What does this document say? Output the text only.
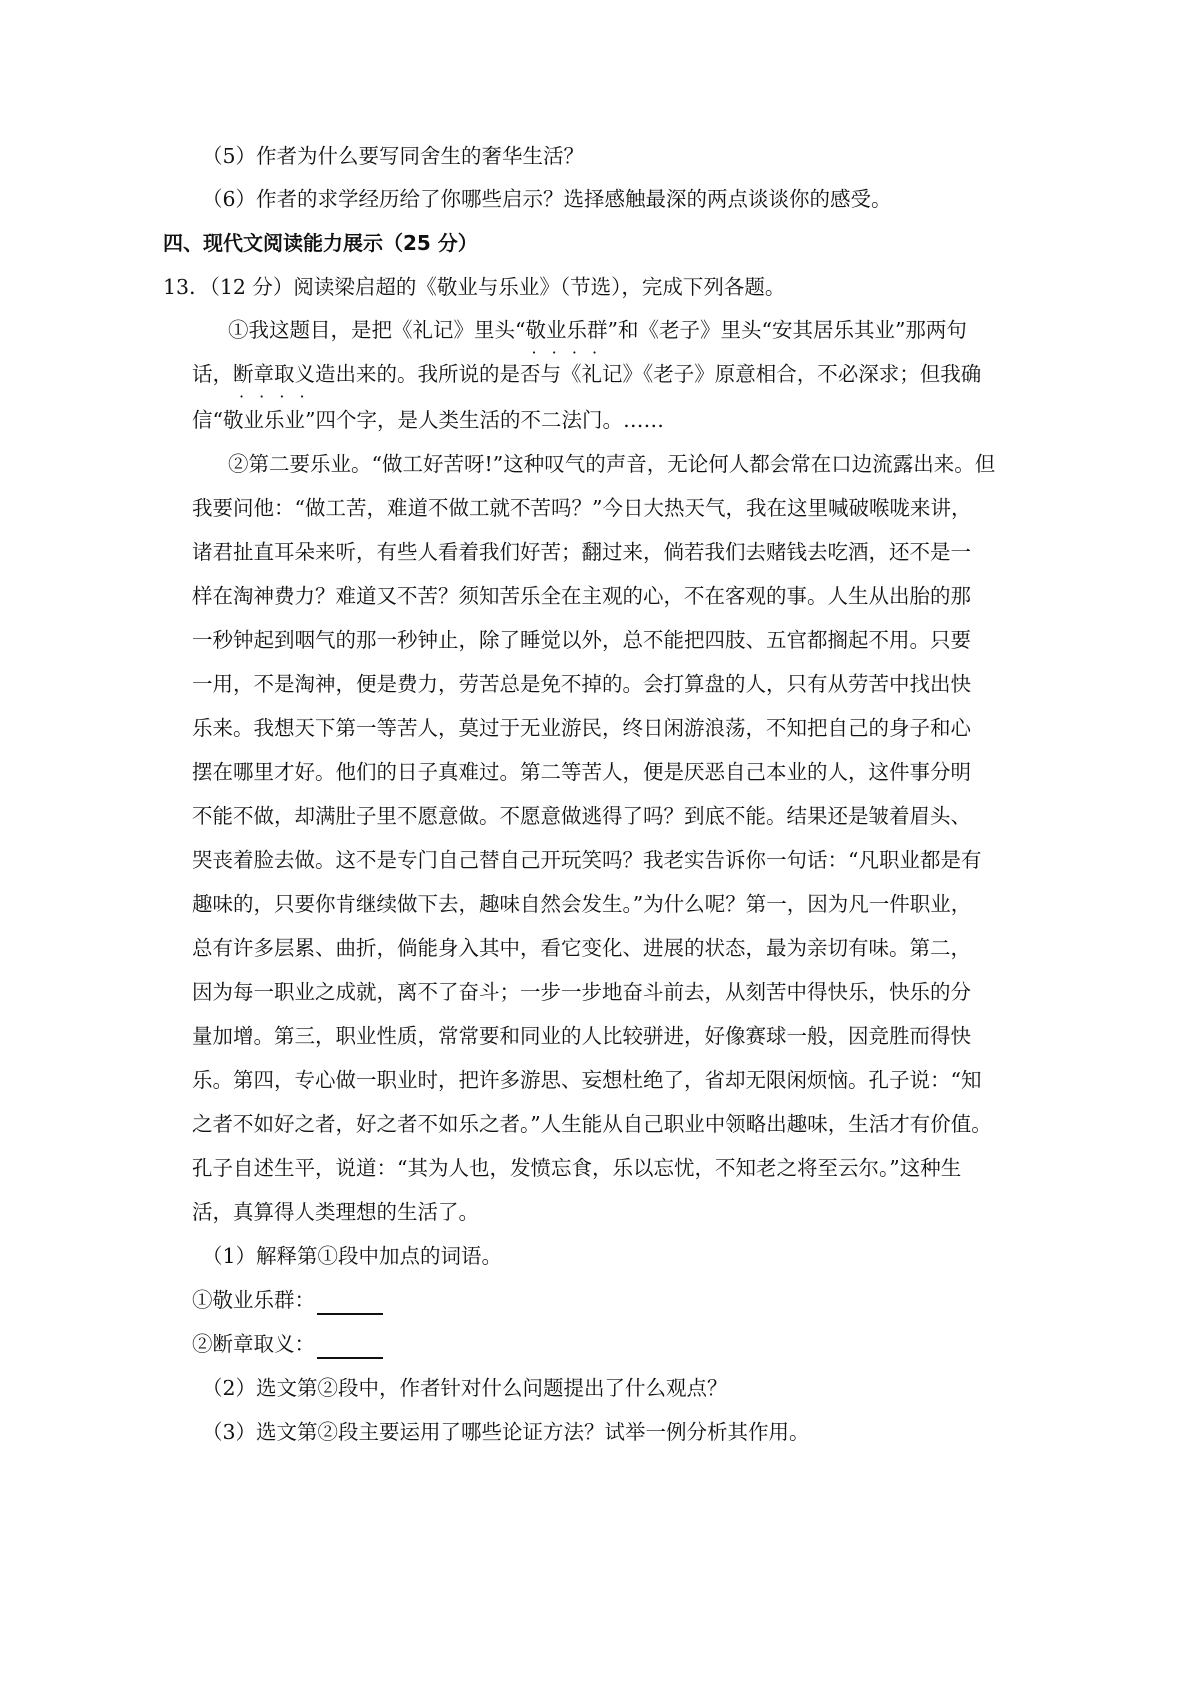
（5）作者为什么要写同舍生的奢华生活？
（6）作者的求学经历给了你哪些启示？选择感触最深的两点谈谈你的感受。
四、现代文阅读能力展示（25 分）
13．（12 分）阅读梁启超的《敬业与乐业》（节选），完成下列各题。
①我这题目，是把《礼记》里头“敬业乐群 · · · ·”和《老子》里头“安其居乐其业”那两句
话，断章取义 · · · ·造出来的。我所说的是否与《礼记》《老子》原意相合，不必深求；但我确
信“敬业乐业”四个字，是人类生活的不二法门。……
②第二要乐业。“做工好苦呀!”这种叹气的声音，无论何人都会常在口边流露出来。但
我要问他：“做工苦，难道不做工就不苦吗？”今日大热天气，我在这里喊破喉咙来讲，
诸君扯直耳朵来听，有些人看着我们好苦；翻过来，倘若我们去赌钱去吃酒，还不是一
样在淘神费力？难道又不苦？须知苦乐全在主观的心，不在客观的事。人生从出胎的那
一秒钟起到咽气的那一秒钟止，除了睡觉以外，总不能把四肢、五官都搁起不用。只要
一用，不是淘神，便是费力，劳苦总是免不掉的。会打算盘的人，只有从劳苦中找出快
乐来。我想天下第一等苦人，莫过于无业游民，终日闲游浪荡，不知把自己的身子和心
摆在哪里才好。他们的日子真难过。第二等苦人，便是厌恶自己本业的人，这件事分明
不能不做，却满肚子里不愿意做。不愿意做逃得了吗？到底不能。结果还是皱着眉头、
哭丧着脸去做。这不是专门自己替自己开玩笑吗？我老实告诉你一句话：“凡职业都是有
趣味的，只要你肯继续做下去，趣味自然会发生。”为什么呢？第一，因为凡一件职业，
总有许多层累、曲折，倘能身入其中，看它变化、进展的状态，最为亲切有味。第二，
因为每一职业之成就，离不了奋斗；一步一步地奋斗前去，从刻苦中得快乐，快乐的分
量加增。第三，职业性质，常常要和同业的人比较骈进，好像赛球一般，因竞胜而得快
乐。第四，专心做一职业时，把许多游思、妄想杜绝了，省却无限闲烦恼。孔子说：“知
之者不如好之者，好之者不如乐之者。”人生能从自己职业中领略出趣味，生活才有价值。
孔子自述生平，说道：“其为人也，发愤忘食，乐以忘忧，不知老之将至云尔。”这种生
活，真算得人类理想的生活了。
（1）解释第①段中加点的词语。
①敬业乐群：
②断章取义：
（2）选文第②段中，作者针对什么问题提出了什么观点？
（3）选文第②段主要运用了哪些论证方法？试举一例分析其作用。
